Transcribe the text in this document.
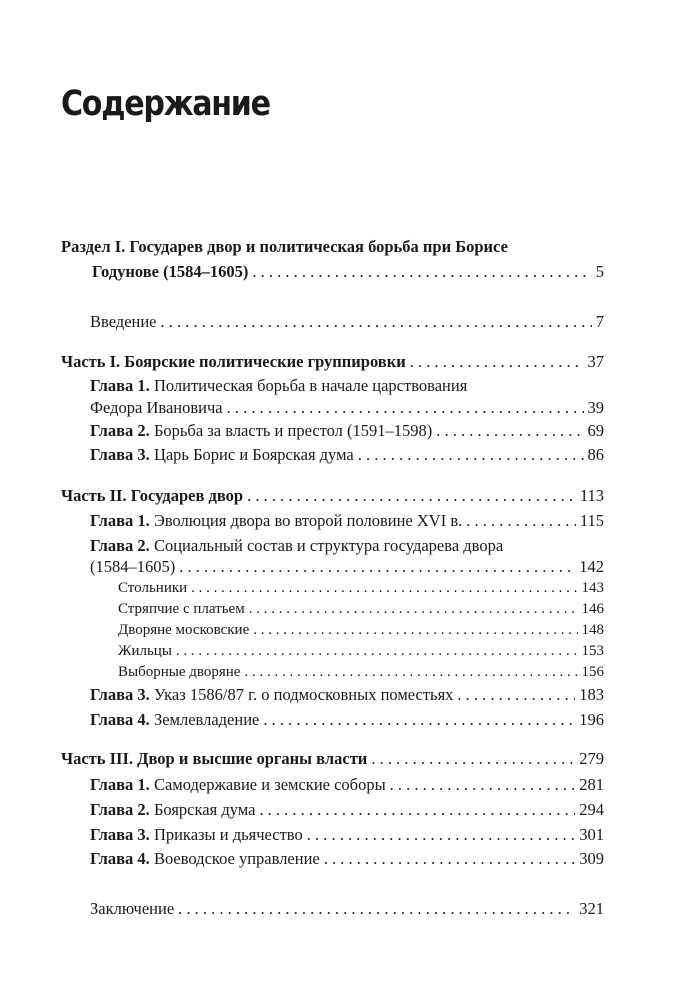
Содержание
Раздел I. Государев двор и политическая борьба при Борисе
Годунове (1584–1605) . . .	5
Введение . . .	7
Часть I. Боярские политические группировки . . .	37
Глава 1. Политическая борьба в начале царствования
Федора Ивановича . . .	39
Глава 2. Борьба за власть и престол (1591–1598) . . .	69
Глава 3. Царь Борис и Боярская дума . . .	86
Часть II. Государев двор . . .	113
Глава 1. Эволюция двора во второй половине XVI в. . . .	115
Глава 2. Социальный состав и структура государева двора
(1584–1605) . . .	142
Стольники . . .	143
Стряпчие с платьем . . .	146
Дворяне московские . . .	148
Жильцы . . .	153
Выборные дворяне . . .	156
Глава 3. Указ 1586/87 г. о подмосковных поместьях . . .	183
Глава 4. Землевладение . . .	196
Часть III. Двор и высшие органы власти . . .	279
Глава 1. Самодержавие и земские соборы . . .	281
Глава 2. Боярская дума . . .	294
Глава 3. Приказы и дьячество . . .	301
Глава 4. Воеводское управление . . .	309
Заключение . . .	321
